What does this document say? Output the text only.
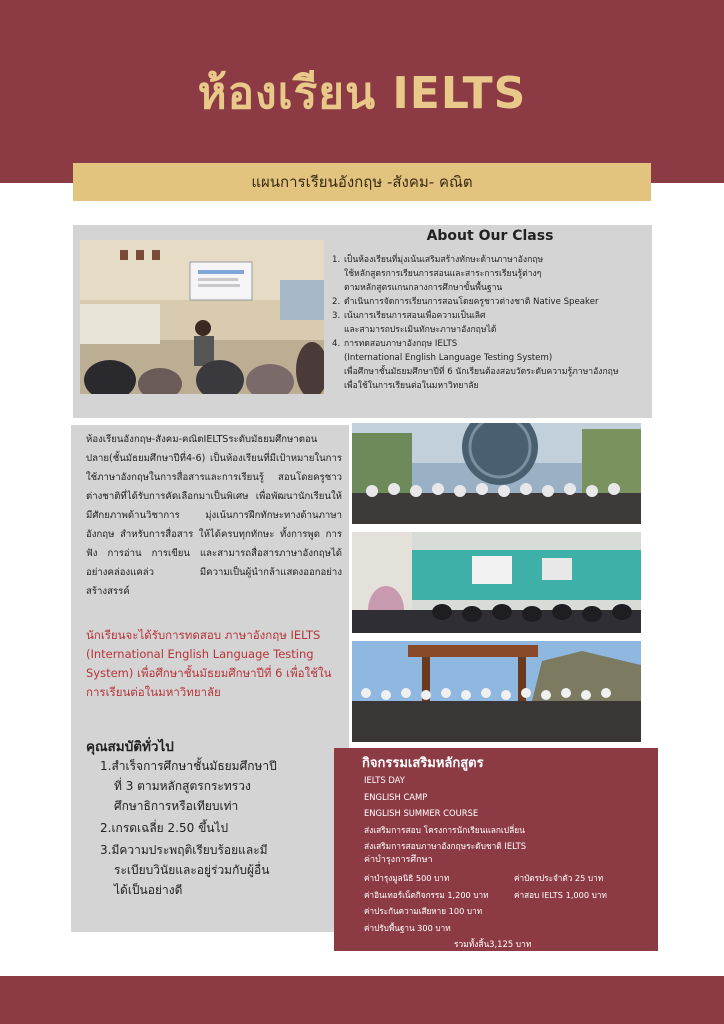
ห้องเรียน IELTS
แผนการเรียนอังกฤษ -สังคม- คณิต
About Our Class
1. เป็นห้องเรียนที่มุ่งเน้นเสริมสร้างทักษะด้านภาษาอังกฤษ
ใช้หลักสูตรการเรียนการสอนและสาระการเรียนรู้ต่างๆ
ตามหลักสูตรแกนกลางการศึกษาขั้นพื้นฐาน
2. ดำเนินการจัดการเรียนการสอนโดยครูชาวต่างชาติ Native Speaker
3. เน้นการเรียนการสอนเพื่อความเป็นเลิศ
และสามารถประเมินทักษะภาษาอังกฤษได้
4. การทดสอบภาษาอังกฤษ IELTS
(International English Language Testing System)
เพื่อศึกษาชั้นมัธยมศึกษาปีที่ 6 นักเรียนต้องสอบวัดระดับความรู้ภาษาอังกฤษ
เพื่อใช้ในการเรียนต่อในมหาวิทยาลัย

ห้องเรียนอังกฤษ-สังคม-คณิตIELTSระดับมัธยมศึกษาตอนปลาย(ชั้นมัธยมศึกษาปีที่4-6) เป็นห้องเรียนที่มีเป้าหมายในการใช้ภาษาอังกฤษในการสื่อสารและการเรียนรู้ สอนโดยครูชาวต่างชาติที่ได้รับการคัดเลือกมาเป็นพิเศษ เพื่อพัฒนานักเรียนให้มีศักยภาพด้านวิชาการ มุ่งเน้นการฝึกทักษะทางด้านภาษาอังกฤษ สำหรับการสื่อสาร ให้ได้ครบทุกทักษะ ทั้งการพูด การฟัง การอ่าน การเขียน และสามารถสื่อสารภาษาอังกฤษได้อย่างคล่องแคล่ว มีความเป็นผู้นำกล้าแสดงออกอย่างสร้างสรรค์

นักเรียนจะได้รับการทดสอบ ภาษาอังกฤษ IELTS (International English Language Testing System) เพื่อศึกษาชั้นมัธยมศึกษาปีที่ 6 เพื่อใช้ในการเรียนต่อในมหาวิทยาลัย

คุณสมบัติทั่วไป
1.สำเร็จการศึกษาชั้นมัธยมศึกษาปี
ที่ 3 ตามหลักสูตรกระทรวง
ศึกษาธิการหรือเทียบเท่า
2.เกรดเฉลี่ย 2.50 ขึ้นไป
3.มีความประพฤติเรียบร้อยและมี
ระเบียบวินัยและอยู่ร่วมกับผู้อื่น
ได้เป็นอย่างดี
กิจกรรมเสริมหลักสูตร
IELTS DAY
ENGLISH CAMP
ENGLISH SUMMER COURSE
ส่งเสริมการสอบ โครงการนักเรียนแลกเปลี่ยน
ส่งเสริมการสอบภาษาอังกฤษระดับชาติ IELTS
ค่าบำรุงการศึกษา
ค่าบำรุงมูลนิธิ 500 บาท
ค่าอินเทอร์เน็ตกิจกรรม 1,200 บาท
ค่าประกันความเสียหาย 100 บาท
ค่าปรับพื้นฐาน 300 บาท
ค่าบัตรประจำตัว 25 บาท
ค่าสอบ IELTS 1,000 บาท
รวมทั้งสิ้น3,125 บาท
